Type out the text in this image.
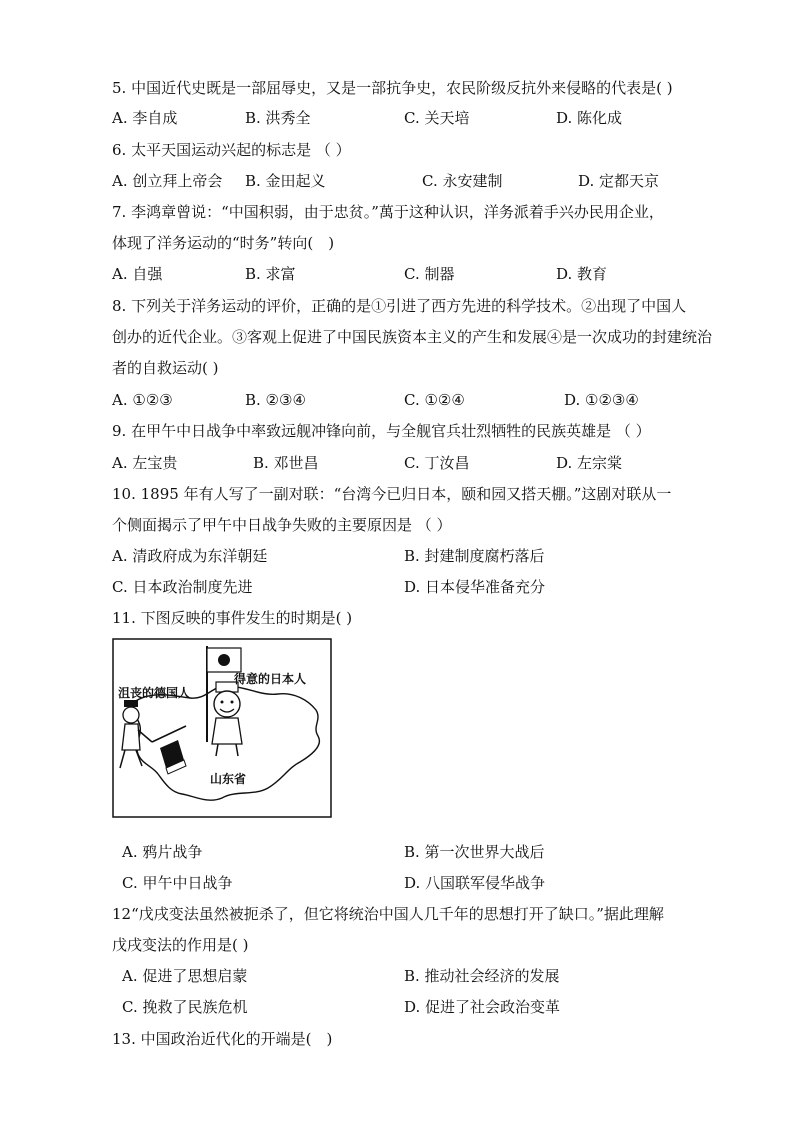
5. 中国近代史既是一部屈辱史，又是一部抗争史，农民阶级反抗外来侵略的代表是( )
A. 李自成	B. 洪秀全	C. 关天培	D. 陈化成
6. 太平天国运动兴起的标志是 （ ）
A. 创立拜上帝会 B. 金田起义	C. 永安建制	D. 定都天京
7. 李鸿章曾说：“中国积弱，由于忠贫。”萬于这种认识，洋务派着手兴办民用企业，
体现了洋务运动的“时务”转向(　)
A. 自强	B. 求富	C. 制器	D. 教育
8. 下列关于洋务运动的评价，正确的是①引进了西方先进的科学技术。②出现了中国人
创办的近代企业。③客观上促进了中国民族资本主义的产生和发展④是一次成功的封建统治
者的自救运动( )
A. ①②③	B. ②③④	C. ①②④	D. ①②③④
9. 在甲午中日战争中率致远舰冲锋向前，与全舰官兵壮烈牺牲的民族英雄是 （ ）
A. 左宝贵	B. 邓世昌	C. 丁汝昌	D. 左宗棠
10. 1895 年有人写了一副对联：“台湾今已归日本，颐和园又搭天棚。”这剧对联从一
个侧面揭示了甲午中日战争失败的主要原因是 （ ）
A. 清政府成为东洋朝廷	B. 封建制度腐朽落后
C. 日本政治制度先进	D. 日本侵华准备充分
11. 下图反映的事件发生的时期是( )
沮丧的德国人
得意的日本人
山东省
A. 鸦片战争	B. 第一次世界大战后
C. 甲午中日战争	D. 八国联军侵华战争
12“戊戌变法虽然被扼杀了，但它将统治中国人几千年的思想打开了缺口。”据此理解
戊戌变法的作用是( )
A. 促进了思想启蒙	B. 推动社会经济的发展
C. 挽救了民族危机	D. 促进了社会政治变革
13. 中国政治近代化的开端是(　)
